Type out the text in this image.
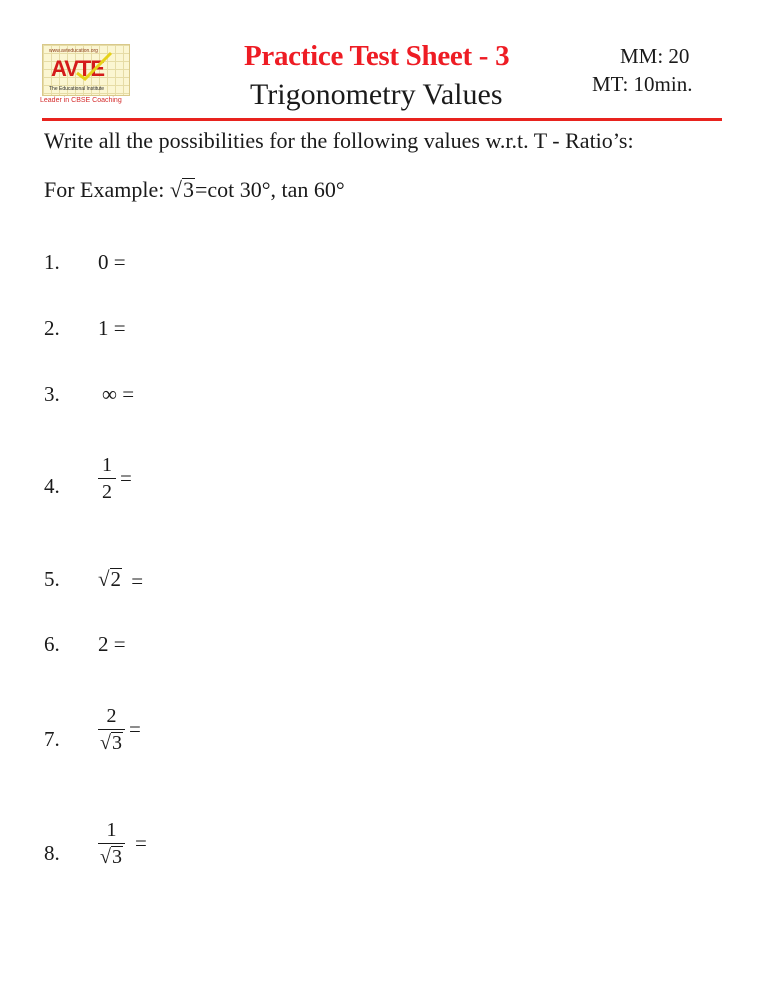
www.avteducation.org
AVTE
The Educational Institute
Leader in CBSE Coaching
Practice Test Sheet - 3
Trigonometry Values
MM: 20
MT: 10min.
Write all the possibilities for the following values w.r.t. T - Ratio’s:
For Example: √3=cot 30°, tan 60°
1. 0 =
2. 1 =
3. ∞ =
4. $\frac{1}{2}$ =
5. √2 =
6. 2 =
7. $\frac{2}{√3}$ =
8. $\frac{1}{√3}$ =
